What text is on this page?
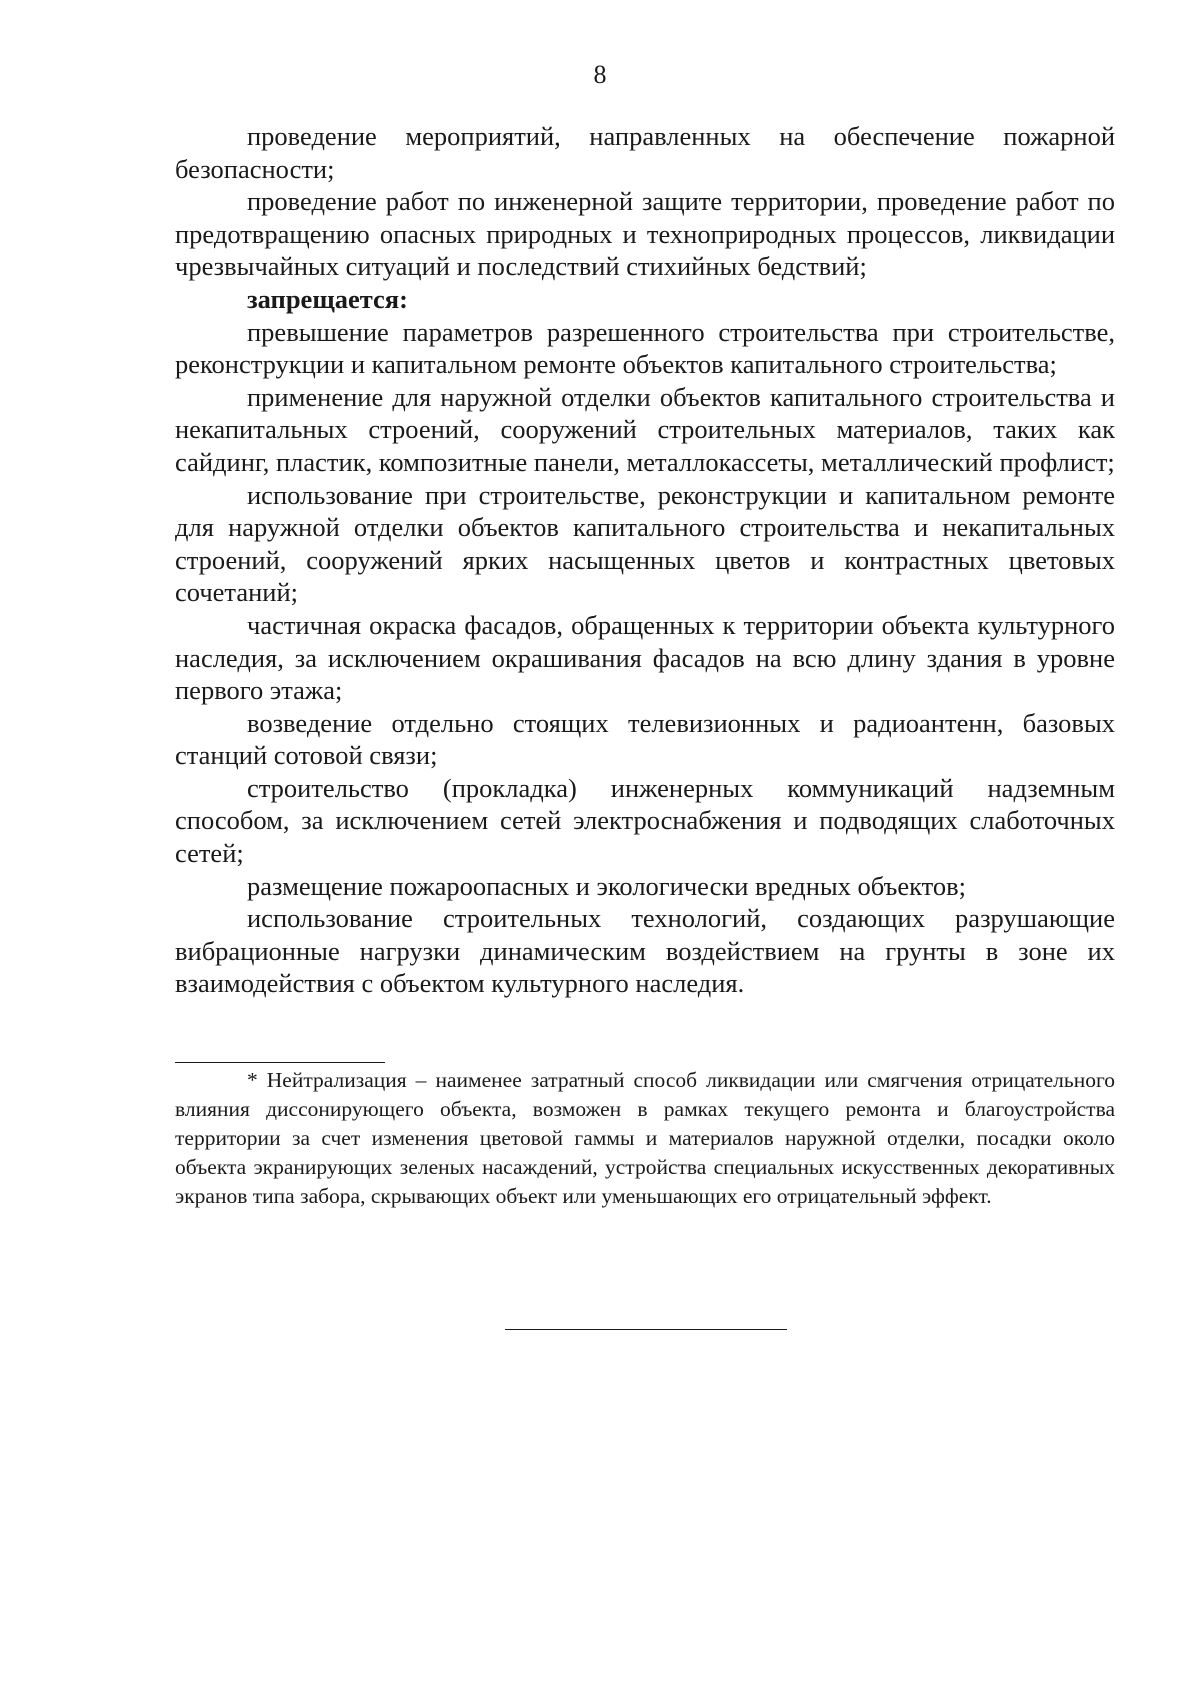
8

проведение мероприятий, направленных на обеспечение пожарной безопасности;

проведение работ по инженерной защите территории, проведение работ по предотвращению опасных природных и технoприродных процессов, ликвидации чрезвычайных ситуаций и последствий стихийных бедствий;

запрещается:

превышение параметров разрешенного строительства при строительстве, реконструкции и капитальном ремонте объектов капитального строительства;

применение для наружной отделки объектов капитального строительства и некапитальных строений, сооружений строительных материалов, таких как сайдинг, пластик, композитные панели, металлокассеты, металлический профлист;

использование при строительстве, реконструкции и капитальном ремонте для наружной отделки объектов капитального строительства и некапитальных строений, сооружений ярких насыщенных цветов и контрастных цветовых сочетаний;

частичная окраска фасадов, обращенных к территории объекта культурного наследия, за исключением окрашивания фасадов на всю длину здания в уровне первого этажа;

возведение отдельно стоящих телевизионных и радиоантенн, базовых станций сотовой связи;

строительство (прокладка) инженерных коммуникаций надземным способом, за исключением сетей электроснабжения и подводящих слаботочных сетей;

размещение пожароопасных и экологически вредных объектов;

использование строительных технологий, создающих разрушающие вибрационные нагрузки динамическим воздействием на грунты в зоне их взаимодействия с объектом культурного наследия.

* Нейтрализация – наименее затратный способ ликвидации или смягчения отрицательного влияния диссонирующего объекта, возможен в рамках текущего ремонта и благоустройства территории за счет изменения цветовой гаммы и материалов наружной отделки, посадки около объекта экранирующих зеленых насаждений, устройства специальных искусственных декоративных экранов типа забора, скрывающих объект или уменьшающих его отрицательный эффект.
